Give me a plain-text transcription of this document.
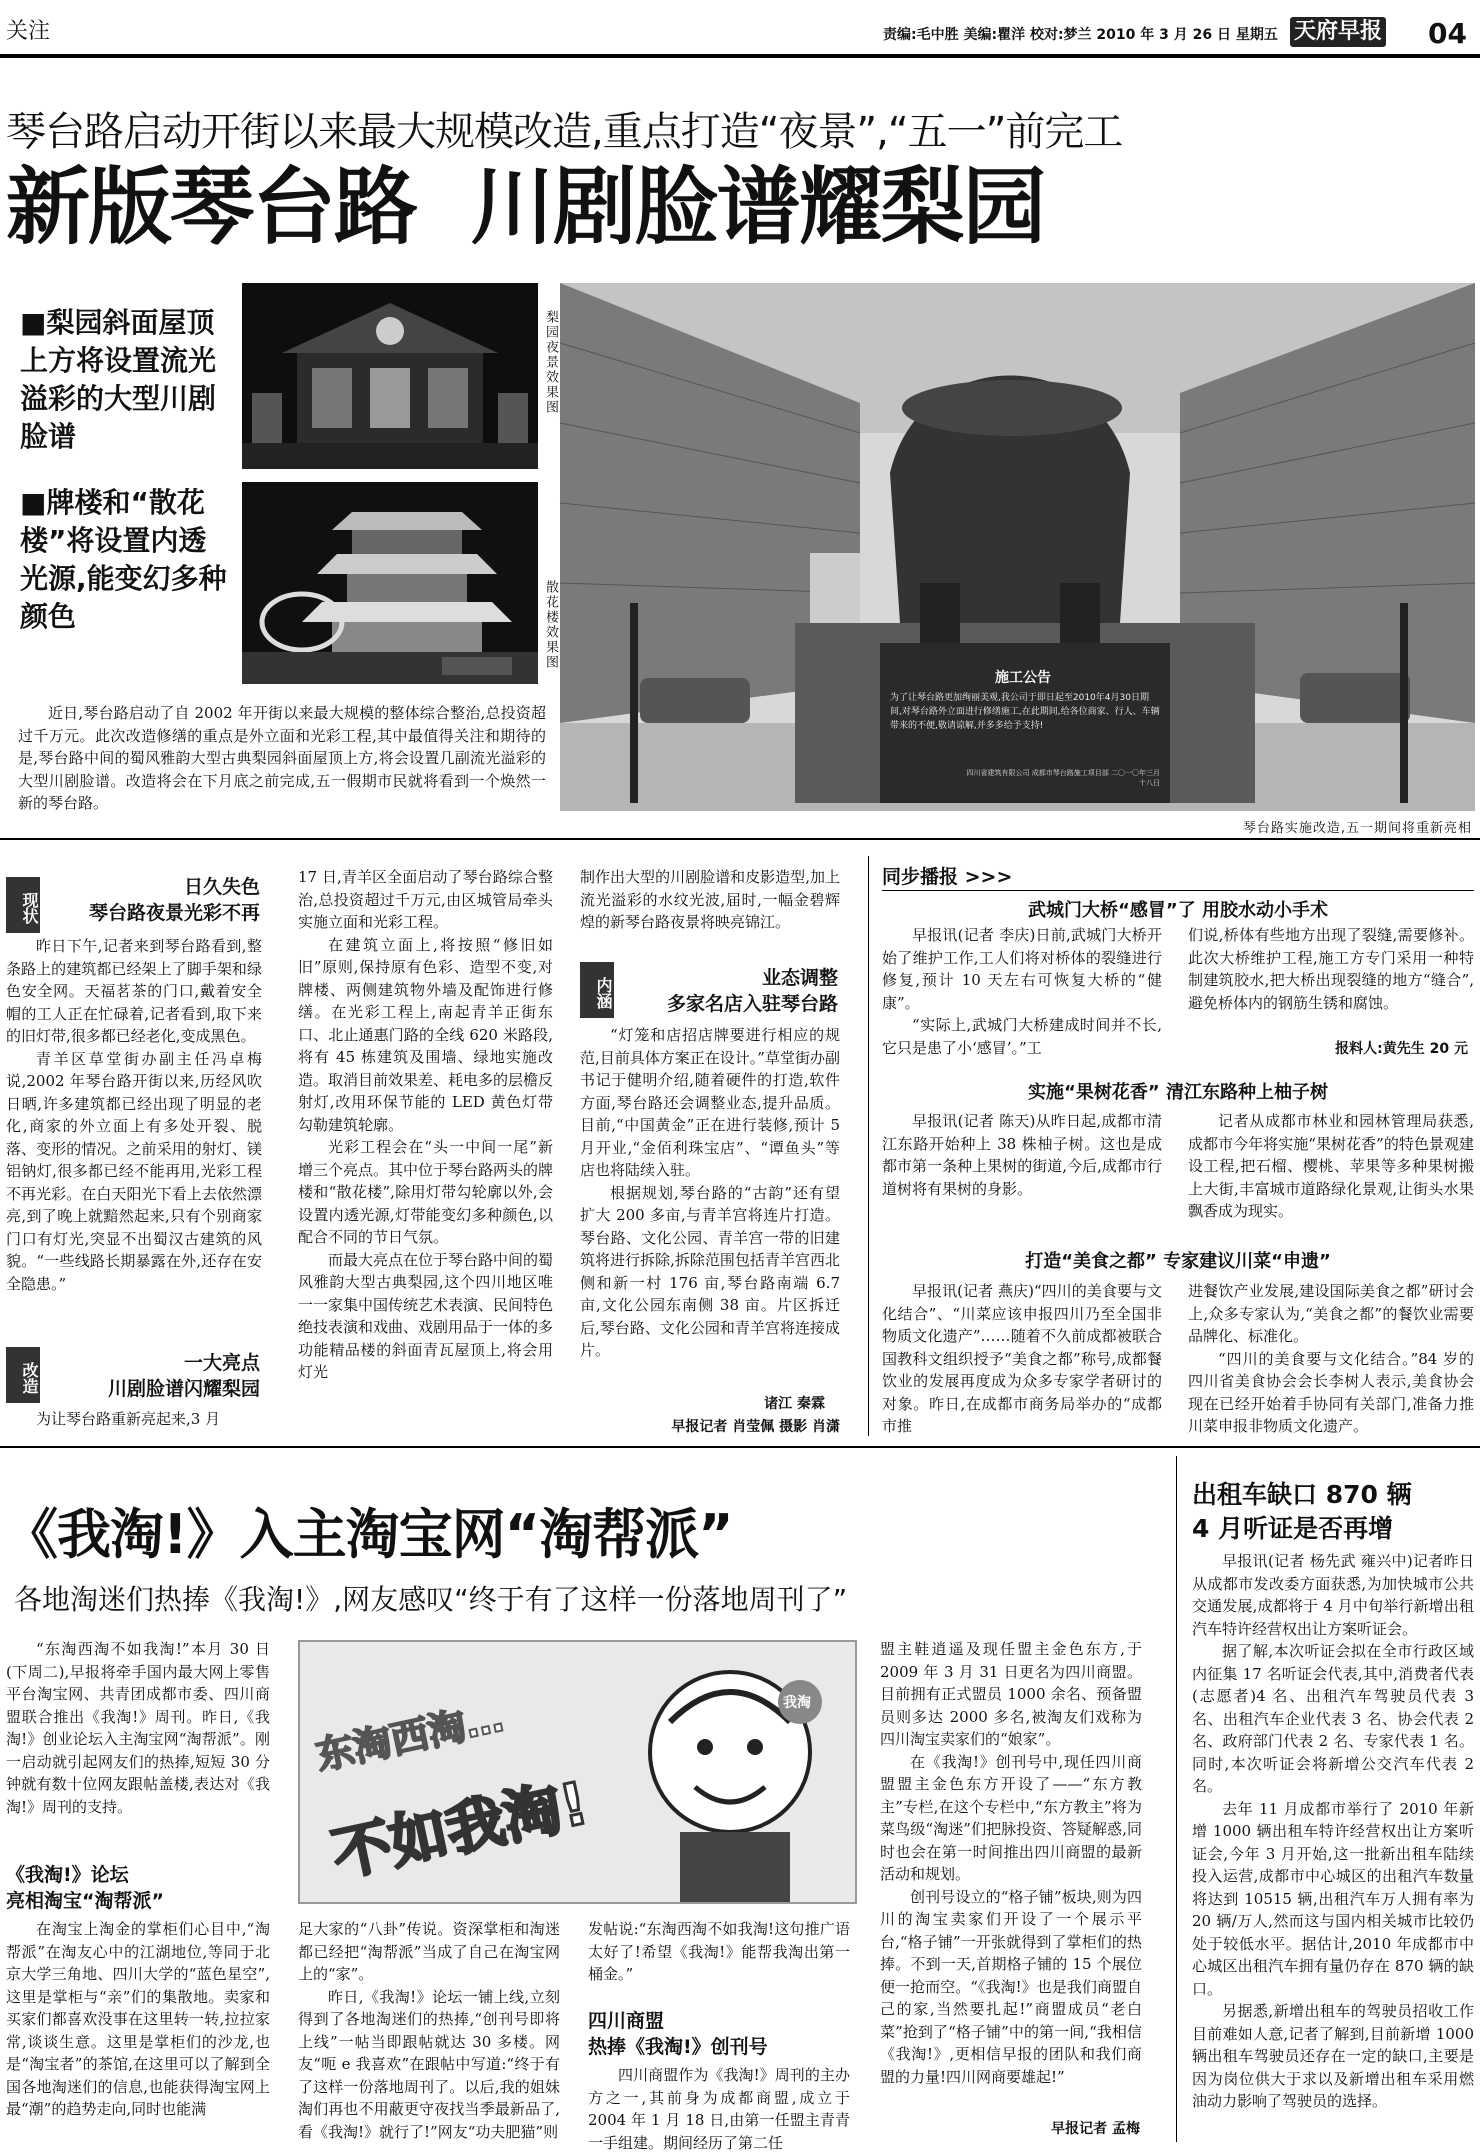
关注	责编:毛中胜 美编:瞿洋 校对:梦兰 2010 年 3 月 26 日 星期五 天府早报 04
琴台路启动开街以来最大规模改造,重点打造“夜景”,“五一”前完工
新版琴台路  川剧脸谱耀梨园
■梨园斜面屋顶上方将设置流光溢彩的大型川剧脸谱
■牌楼和“散花楼”将设置内透光源,能变幻多种颜色
梨园夜景效果图
散花楼效果图
施工公告
为了让琴台路更加绚丽美观,我公司于即日起至2010年4月30日期间,对琴台路外立面进行修缮施工,在此期间,给各位商家、行人、车辆带来的不便,敬请谅解,并多多给予支持!
四川省建筑有限公司 成都市琴台路施工项目部 二〇一〇年三月十八日

近日,琴台路启动了自 2002 年开街以来最大规模的整体综合整治,总投资超过千万元。此次改造修缮的重点是外立面和光彩工程,其中最值得关注和期待的是,琴台路中间的蜀风雅韵大型古典梨园斜面屋顶上方,将会设置几副流光溢彩的大型川剧脸谱。改造将会在下月底之前完成,五一假期市民就将看到一个焕然一新的琴台路。

琴台路实施改造,五一期间将重新亮相
现状
日久失色
琴台路夜景光彩不再

昨日下午,记者来到琴台路看到,整条路上的建筑都已经架上了脚手架和绿色安全网。天福茗茶的门口,戴着安全帽的工人正在忙碌着,记者看到,取下来的旧灯带,很多都已经老化,变成黑色。

青羊区草堂街办副主任冯卓梅说,2002 年琴台路开街以来,历经风吹日晒,许多建筑都已经出现了明显的老化,商家的外立面上有多处开裂、脱落、变形的情况。之前采用的射灯、镁铝钠灯,很多都已经不能再用,光彩工程不再光彩。在白天阳光下看上去依然漂亮,到了晚上就黯然起来,只有个别商家门口有灯光,突显不出蜀汉古建筑的风貌。“一些线路长期暴露在外,还存在安全隐患。”

改造	一大亮点
川剧脸谱闪耀梨园

为让琴台路重新亮起来,3 月

17 日,青羊区全面启动了琴台路综合整治,总投资超过千万元,由区城管局牵头实施立面和光彩工程。

在建筑立面上,将按照“修旧如旧”原则,保持原有色彩、造型不变,对牌楼、两侧建筑物外墙及配饰进行修缮。在光彩工程上,南起青羊正街东口、北止通惠门路的全线 620 米路段,将有 45 栋建筑及围墙、绿地实施改造。取消目前效果差、耗电多的层檐反射灯,改用环保节能的 LED 黄色灯带勾勒建筑轮廓。

光彩工程会在“头一中间一尾”新增三个亮点。其中位于琴台路两头的牌楼和“散花楼”,除用灯带勾轮廓以外,会设置内透光源,灯带能变幻多种颜色,以配合不同的节日气氛。

而最大亮点在位于琴台路中间的蜀风雅韵大型古典梨园,这个四川地区唯一一家集中国传统艺术表演、民间特色绝技表演和戏曲、戏剧用品于一体的多功能精品楼的斜面青瓦屋顶上,将会用灯光

制作出大型的川剧脸谱和皮影造型,加上流光溢彩的水纹光波,届时,一幅金碧辉煌的新琴台路夜景将映亮锦江。

内涵	业态调整
多家名店入驻琴台路

“灯笼和店招店牌要进行相应的规范,目前具体方案正在设计。”草堂街办副书记于健明介绍,随着硬件的打造,软件方面,琴台路还会调整业态,提升品质。目前,“中国黄金”正在进行装修,预计 5 月开业,“金佰利珠宝店”、“谭鱼头”等店也将陆续入驻。

根据规划,琴台路的“古韵”还有望扩大 200 多亩,与青羊宫将连片打造。琴台路、文化公园、青羊宫一带的旧建筑将进行拆除,拆除范围包括青羊宫西北侧和新一村 176 亩,琴台路南端 6.7 亩,文化公园东南侧 38 亩。片区拆迁后,琴台路、文化公园和青羊宫将连接成片。

诸江 秦霖
早报记者 肖莹佩 摄影 肖潇
同步播报 >>>
武城门大桥“感冒”了 用胶水动小手术

早报讯(记者 李庆)日前,武城门大桥开始了维护工作,工人们将对桥体的裂缝进行修复,预计 10 天左右可恢复大桥的“健康”。

“实际上,武城门大桥建成时间并不长,它只是患了小‘感冒’。”工

们说,桥体有些地方出现了裂缝,需要修补。此次大桥维护工程,施工方专门采用一种特制建筑胶水,把大桥出现裂缝的地方“缝合”,避免桥体内的钢筋生锈和腐蚀。

报料人:黄先生 20 元
实施“果树花香” 清江东路种上柚子树

早报讯(记者 陈天)从昨日起,成都市清江东路开始种上 38 株柚子树。这也是成都市第一条种上果树的街道,今后,成都市行道树将有果树的身影。

记者从成都市林业和园林管理局获悉,成都市今年将实施“果树花香”的特色景观建设工程,把石榴、樱桃、苹果等多种果树搬上大街,丰富城市道路绿化景观,让街头水果飘香成为现实。

打造“美食之都” 专家建议川菜“申遗”

早报讯(记者 燕庆)“四川的美食要与文化结合”、“川菜应该申报四川乃至全国非物质文化遗产”……随着不久前成都被联合国教科文组织授予“美食之都”称号,成都餐饮业的发展再度成为众多专家学者研讨的对象。昨日,在成都市商务局举办的“成都市推

进餐饮产业发展,建设国际美食之都”研讨会上,众多专家认为,“美食之都”的餐饮业需要品牌化、标准化。

“四川的美食要与文化结合。”84 岁的四川省美食协会会长李树人表示,美食协会现在已经开始着手协同有关部门,准备力推川菜申报非物质文化遗产。

《我淘!》入主淘宝网“淘帮派”
各地淘迷们热捧《我淘!》,网友感叹“终于有了这样一份落地周刊了”

“东淘西淘不如我淘!”本月 30 日(下周二),早报将牵手国内最大网上零售平台淘宝网、共青团成都市委、四川商盟联合推出《我淘!》周刊。昨日,《我淘!》创业论坛入主淘宝网“淘帮派”。刚一启动就引起网友们的热捧,短短 30 分钟就有数十位网友跟帖盖楼,表达对《我淘!》周刊的支持。

《我淘!》论坛
亮相淘宝“淘帮派”

在淘宝上淘金的掌柜们心目中,“淘帮派”在淘友心中的江湖地位,等同于北京大学三角地、四川大学的“蓝色星空”,这里是掌柜与“亲”们的集散地。卖家和买家们都喜欢没事在这里转一转,拉拉家常,谈谈生意。这里是掌柜们的沙龙,也是“淘宝者”的茶馆,在这里可以了解到全国各地淘迷们的信息,也能获得淘宝网上最“潮”的趋势走向,同时也能满

东淘西淘…
不如我淘!
我淘

足大家的“八卦”传说。资深掌柜和淘迷都已经把“淘帮派”当成了自己在淘宝网上的“家”。

昨日,《我淘!》论坛一铺上线,立刻得到了各地淘迷们的热捧,“创刊号即将上线”一帖当即跟帖就达 30 多楼。网友“呃 e 我喜欢”在跟帖中写道:“终于有了这样一份落地周刊了。以后,我的姐妹淘们再也不用蔽更守夜找当季最新品了,看《我淘!》就行了!”网友“功夫肥猫”则

发帖说:“东淘西淘不如我淘!这句推广语太好了!希望《我淘!》能帮我淘出第一桶金。”

四川商盟
热捧《我淘!》创刊号

四川商盟作为《我淘!》周刊的主办方之一,其前身为成都商盟,成立于 2004 年 1 月 18 日,由第一任盟主青青一手组建。期间经历了第二任

盟主鞋逍遥及现任盟主金色东方,于 2009 年 3 月 31 日更名为四川商盟。目前拥有正式盟员 1000 余名、预备盟员则多达 2000 多名,被淘友们戏称为四川淘宝卖家们的“娘家”。

在《我淘!》创刊号中,现任四川商盟盟主金色东方开设了——“东方教主”专栏,在这个专栏中,“东方教主”将为菜鸟级“淘迷”们把脉投资、答疑解惑,同时也会在第一时间推出四川商盟的最新活动和规划。

创刊号设立的“格子铺”板块,则为四川的淘宝卖家们开设了一个展示平台,“格子铺”一开张就得到了掌柜们的热捧。不到一天,首期格子铺的 15 个展位便一抢而空。“《我淘!》也是我们商盟自己的家,当然要扎起!”商盟成员“老白菜”抢到了“格子铺”中的第一间,“我相信《我淘!》,更相信早报的团队和我们商盟的力量!四川网商要雄起!”

早报记者 孟梅
出租车缺口 870 辆
4 月听证是否再增

早报讯(记者 杨先武 雍兴中)记者昨日从成都市发改委方面获悉,为加快城市公共交通发展,成都将于 4 月中旬举行新增出租汽车特许经营权出让方案听证会。

据了解,本次听证会拟在全市行政区域内征集 17 名听证会代表,其中,消费者代表(志愿者)4 名、出租汽车驾驶员代表 3 名、出租汽车企业代表 3 名、协会代表 2 名、政府部门代表 2 名、专家代表 1 名。同时,本次听证会将新增公交汽车代表 2 名。

去年 11 月成都市举行了 2010 年新增 1000 辆出租车特许经营权出让方案听证会,今年 3 月开始,这一批新出租车陆续投入运营,成都市中心城区的出租汽车数量将达到 10515 辆,出租汽车万人拥有率为 20 辆/万人,然而这与国内相关城市比较仍处于较低水平。据估计,2010 年成都市中心城区出租汽车拥有量仍存在 870 辆的缺口。

另据悉,新增出租车的驾驶员招收工作目前难如人意,记者了解到,目前新增 1000 辆出租车驾驶员还存在一定的缺口,主要是因为岗位供大于求以及新增出租车采用燃油动力影响了驾驶员的选择。
